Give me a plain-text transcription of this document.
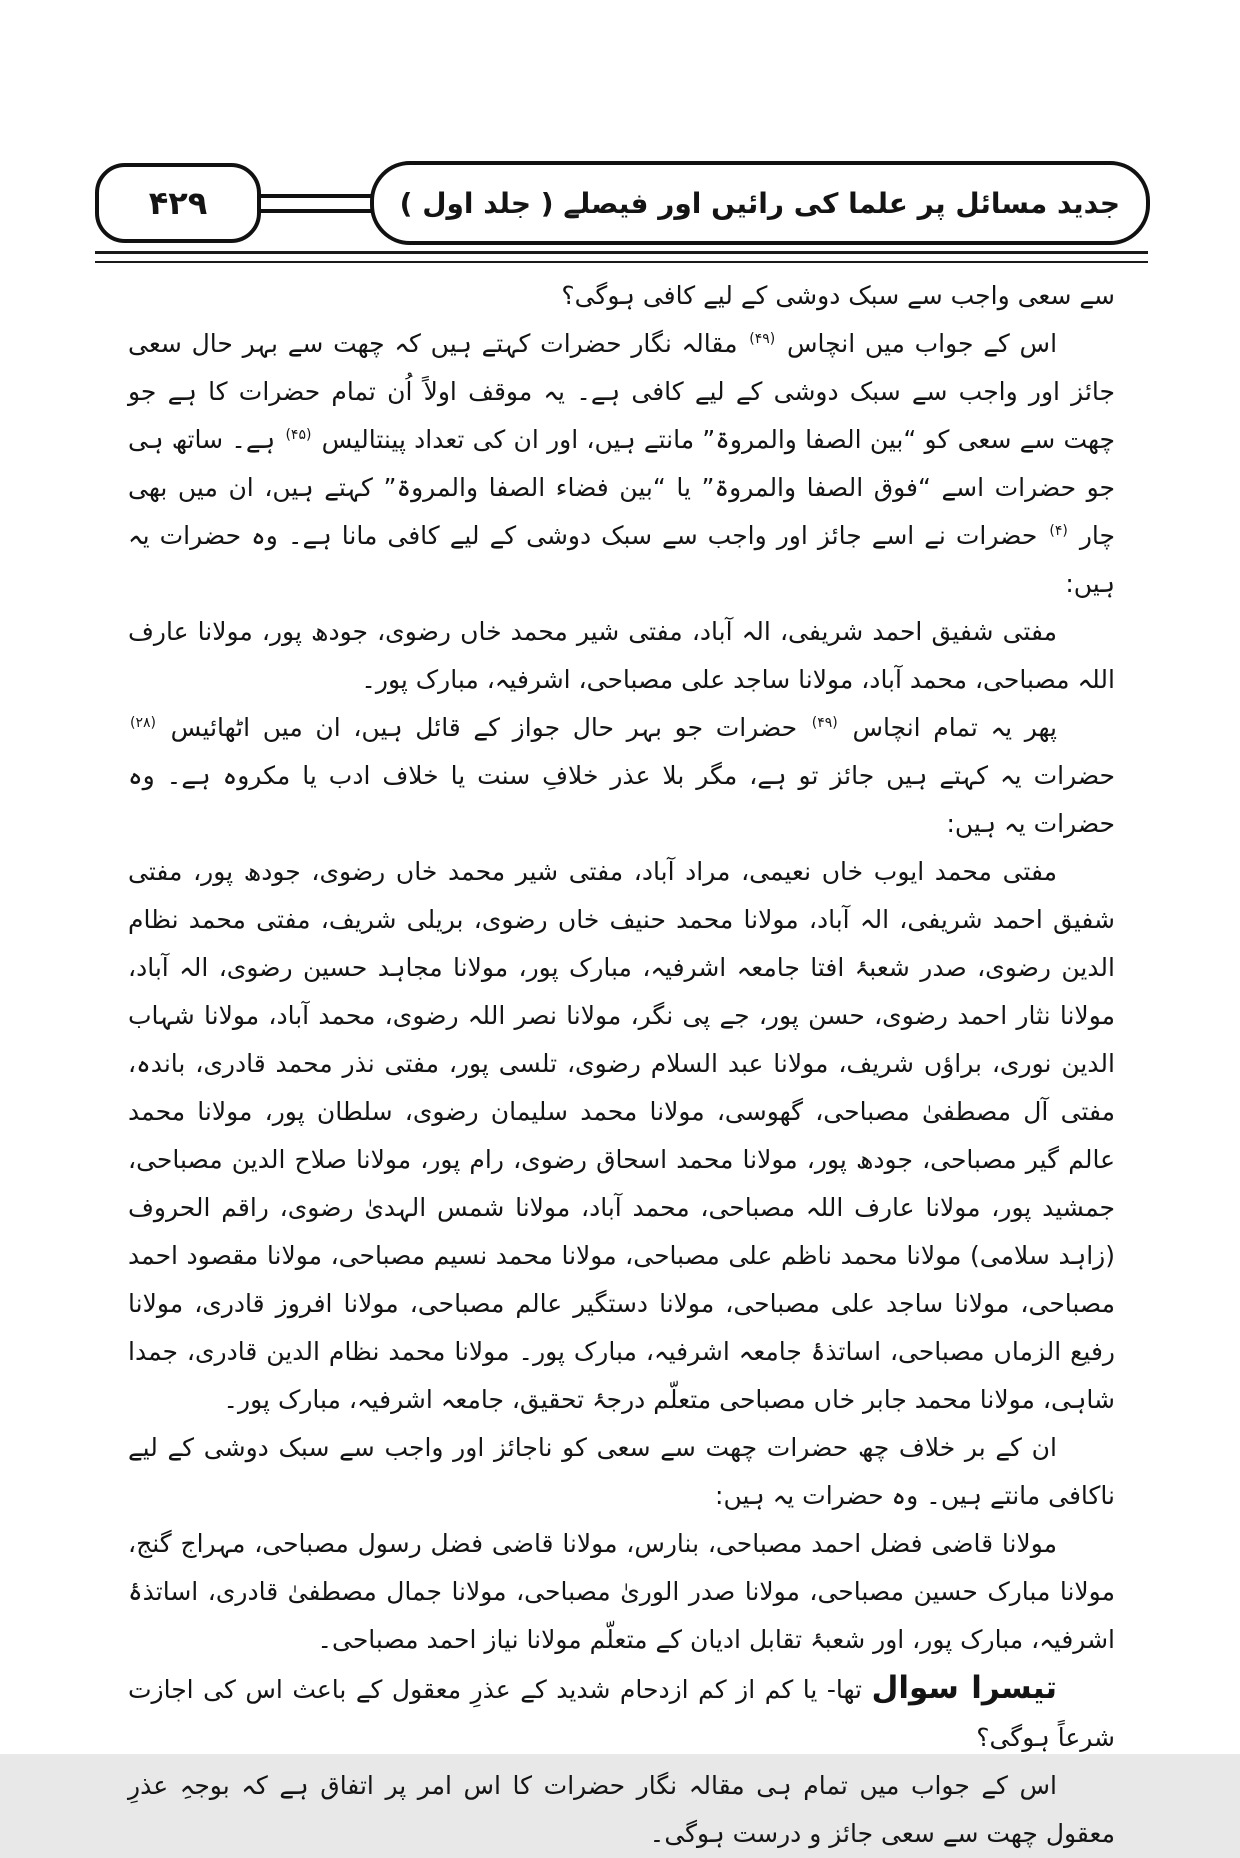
۴۲۹	جدید مسائل پر علما کی رائیں اور فیصلے ( جلد اول )

سے سعی واجب سے سبک دوشی کے لیے کافی ہوگی؟

اس کے جواب میں انچاس $^{(۴۹)}$ مقالہ نگار حضرات کہتے ہیں کہ چھت سے بہر حال سعی جائز اور واجب سے سبک دوشی کے لیے کافی ہے۔ یہ موقف اولاً اُن تمام حضرات کا ہے جو چھت سے سعی کو “بین الصفا والمروۃ” مانتے ہیں، اور ان کی تعداد پینتالیس $^{(۴۵)}$ ہے۔ ساتھ ہی جو حضرات اسے “فوق الصفا والمروۃ” یا “بین فضاء الصفا والمروۃ” کہتے ہیں، ان میں بھی چار $^{(۴)}$ حضرات نے اسے جائز اور واجب سے سبک دوشی کے لیے کافی مانا ہے۔ وہ حضرات یہ ہیں:

مفتی شفیق احمد شریفی، الہ آباد، مفتی شیر محمد خاں رضوی، جودھ پور، مولانا عارف اللہ مصباحی، محمد آباد، مولانا ساجد علی مصباحی، اشرفیہ، مبارک پور۔

پھر یہ تمام انچاس $^{(۴۹)}$ حضرات جو بہر حال جواز کے قائل ہیں، ان میں اٹھائیس $^{(۲۸)}$ حضرات یہ کہتے ہیں جائز تو ہے، مگر بلا عذر خلافِ سنت یا خلاف ادب یا مکروہ ہے۔ وہ حضرات یہ ہیں:

مفتی محمد ایوب خاں نعیمی، مراد آباد، مفتی شیر محمد خاں رضوی، جودھ پور، مفتی شفیق احمد شریفی، الہ آباد، مولانا محمد حنیف خاں رضوی، بریلی شریف، مفتی محمد نظام الدین رضوی، صدر شعبۂ افتا جامعہ اشرفیہ، مبارک پور، مولانا مجاہد حسین رضوی، الہ آباد، مولانا نثار احمد رضوی، حسن پور، جے پی نگر، مولانا نصر اللہ رضوی، محمد آباد، مولانا شہاب الدین نوری، براؤں شریف، مولانا عبد السلام رضوی، تلسی پور، مفتی نذر محمد قادری، باندہ، مفتی آل مصطفیٰ مصباحی، گھوسی، مولانا محمد سلیمان رضوی، سلطان پور، مولانا محمد عالم گیر مصباحی، جودھ پور، مولانا محمد اسحاق رضوی، رام پور، مولانا صلاح الدین مصباحی، جمشید پور، مولانا عارف اللہ مصباحی، محمد آباد، مولانا شمس الہدیٰ رضوی، راقم الحروف (زاہد سلامی) مولانا محمد ناظم علی مصباحی، مولانا محمد نسیم مصباحی، مولانا مقصود احمد مصباحی، مولانا ساجد علی مصباحی، مولانا دستگیر عالم مصباحی، مولانا افروز قادری، مولانا رفیع الزماں مصباحی، اساتذۂ جامعہ اشرفیہ، مبارک پور۔ مولانا محمد نظام الدین قادری، جمدا شاہی، مولانا محمد جابر خاں مصباحی متعلّم درجۂ تحقیق، جامعہ اشرفیہ، مبارک پور۔

ان کے بر خلاف چھ حضرات چھت سے سعی کو ناجائز اور واجب سے سبک دوشی کے لیے ناکافی مانتے ہیں۔ وہ حضرات یہ ہیں:

مولانا قاضی فضل احمد مصباحی، بنارس، مولانا قاضی فضل رسول مصباحی، مہراج گنج، مولانا مبارک حسین مصباحی، مولانا صدر الوریٰ مصباحی، مولانا جمال مصطفیٰ قادری، اساتذۂ اشرفیہ، مبارک پور، اور شعبۂ تقابل ادیان کے متعلّم مولانا نیاز احمد مصباحی۔

تیسرا سوال تھا- یا کم از کم ازدحام شدید کے عذرِ معقول کے باعث اس کی اجازت شرعاً ہوگی؟

اس کے جواب میں تمام ہی مقالہ نگار حضرات کا اس امر پر اتفاق ہے کہ بوجہِ عذرِ معقول چھت سے سعی جائز و درست ہوگی۔
